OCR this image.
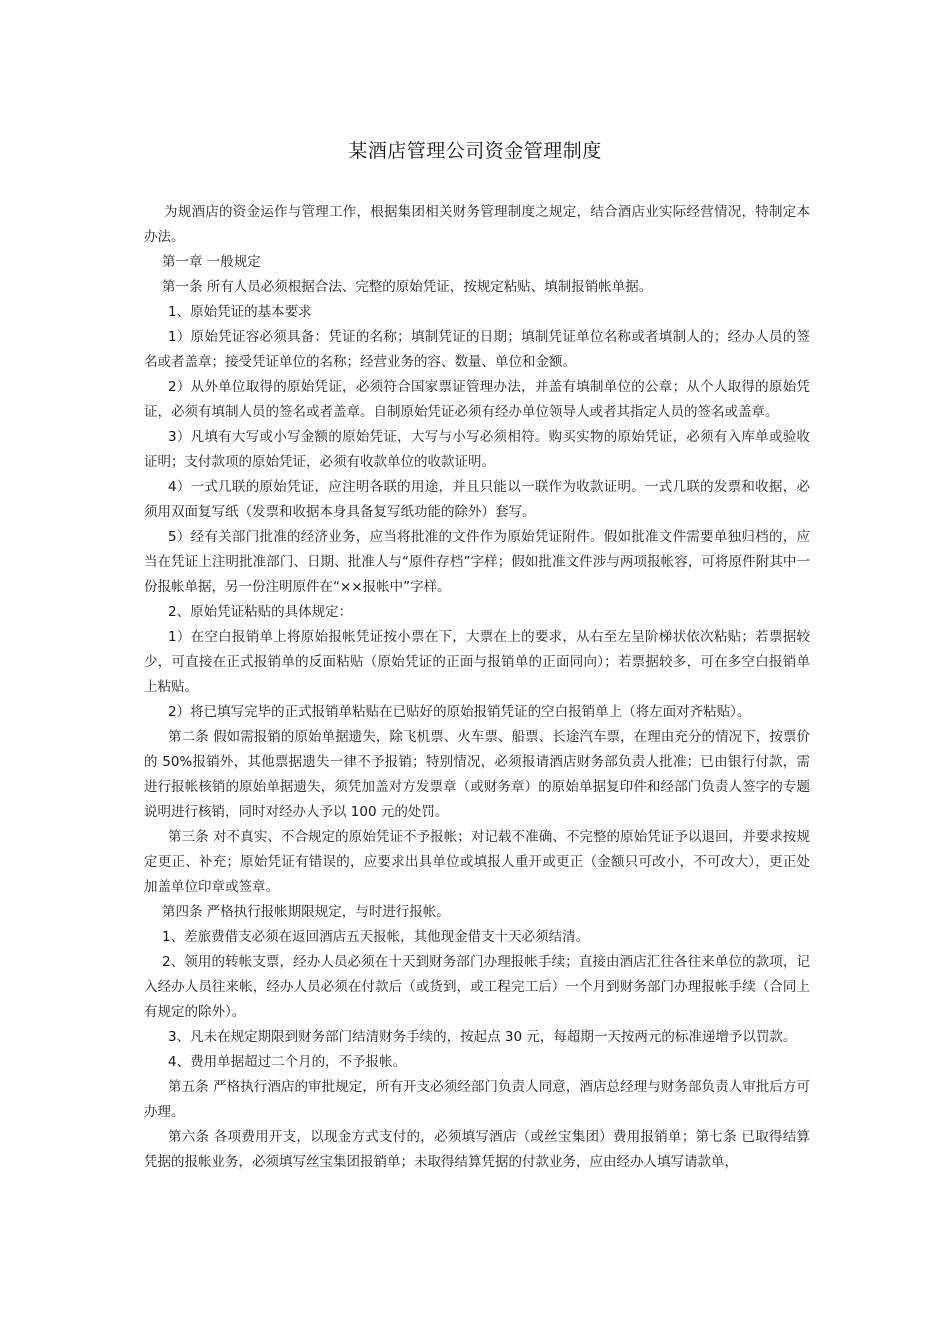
某酒店管理公司资金管理制度

为规酒店的资金运作与管理工作，根据集团相关财务管理制度之规定，结合酒店业实际经营情况，特制定本办法。

第一章 一般规定

第一条 所有人员必须根据合法、完整的原始凭证，按规定粘贴、填制报销帐单据。

1、原始凭证的基本要求

1）原始凭证容必须具备：凭证的名称；填制凭证的日期；填制凭证单位名称或者填制人的；经办人员的签名或者盖章；接受凭证单位的名称；经营业务的容、数量、单位和金额。

2）从外单位取得的原始凭证，必须符合国家票证管理办法，并盖有填制单位的公章；从个人取得的原始凭证，必须有填制人员的签名或者盖章。自制原始凭证必须有经办单位领导人或者其指定人员的签名或盖章。

3）凡填有大写或小写金额的原始凭证，大写与小写必须相符。购买实物的原始凭证，必须有入库单或验收证明；支付款项的原始凭证，必须有收款单位的收款证明。

4）一式几联的原始凭证，应注明各联的用途，并且只能以一联作为收款证明。一式几联的发票和收据，必须用双面复写纸（发票和收据本身具备复写纸功能的除外）套写。

5）经有关部门批准的经济业务，应当将批准的文件作为原始凭证附件。假如批准文件需要单独归档的，应当在凭证上注明批准部门、日期、批准人与“原件存档”字样；假如批准文件涉与两项报帐容，可将原件附其中一份报帐单据，另一份注明原件在“××报帐中”字样。

2、原始凭证粘贴的具体规定：

1）在空白报销单上将原始报帐凭证按小票在下，大票在上的要求，从右至左呈阶梯状依次粘贴；若票据较少，可直接在正式报销单的反面粘贴（原始凭证的正面与报销单的正面同向）；若票据较多，可在多空白报销单上粘贴。

2）将已填写完毕的正式报销单粘贴在已贴好的原始报销凭证的空白报销单上（将左面对齐粘贴）。

第二条 假如需报销的原始单据遗失，除飞机票、火车票、船票、长途汽车票，在理由充分的情况下，按票价的 50%报销外，其他票据遗失一律不予报销；特别情况，必须报请酒店财务部负责人批准；已由银行付款，需进行报帐核销的原始单据遗失，须凭加盖对方发票章（或财务章）的原始单据复印件和经部门负责人签字的专题说明进行核销，同时对经办人予以 100 元的处罚。

第三条 对不真实、不合规定的原始凭证不予报帐；对记载不准确、不完整的原始凭证予以退回，并要求按规定更正、补充；原始凭证有错误的，应要求出具单位或填报人重开或更正（金额只可改小，不可改大），更正处加盖单位印章或签章。

第四条 严格执行报帐期限规定，与时进行报帐。

1、差旅费借支必须在返回酒店五天报帐，其他现金借支十天必须结清。

2、领用的转帐支票，经办人员必须在十天到财务部门办理报帐手续；直接由酒店汇往各往来单位的款项，记入经办人员往来帐，经办人员必须在付款后（或货到，或工程完工后）一个月到财务部门办理报帐手续（合同上有规定的除外）。

3、凡未在规定期限到财务部门结清财务手续的，按起点 30 元，每超期一天按两元的标准递增予以罚款。

4、费用单据超过二个月的，不予报帐。

第五条 严格执行酒店的审批规定，所有开支必须经部门负责人同意，酒店总经理与财务部负责人审批后方可办理。

第六条 各项费用开支，以现金方式支付的，必须填写酒店（或丝宝集团）费用报销单；第七条 已取得结算凭据的报帐业务，必须填写丝宝集团报销单；未取得结算凭据的付款业务，应由经办人填写请款单，
